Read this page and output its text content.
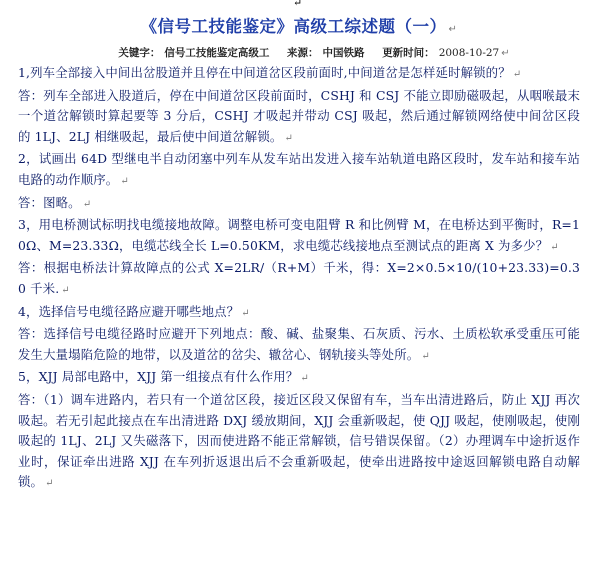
↵
《信号工技能鉴定》高级工综述题（一） ↵
关键字： 信号工技能鉴定高级工 来源： 中国铁路 更新时间： 2008-10-27 ↵

1,列车全部接入中间出岔股道并且停在中间道岔区段前面时,中间道岔是怎样延时解锁的？ ↵

答：列车全部进入股道后，停在中间道岔区段前面时，CSHJ 和 CSJ 不能立即励磁吸起，从咽喉最末一个道岔解锁时算起要等 3 分后，CSHJ 才吸起并带动 CSJ 吸起，然后通过解锁网络使中间岔区段的 1LJ、2LJ 相继吸起，最后使中间道岔解锁。 ↵

2，试画出 64D 型继电半自动闭塞中列车从发车站出发进入接车站轨道电路区段时，发车站和接车站电路的动作顺序。 ↵

答：图略。 ↵

3，用电桥测试标明找电缆接地故障。调整电桥可变电阻臂 R 和比例臂 M，在电桥达到平衡时，R=10Ω、M=23.33Ω，电缆芯线全长 L=0.50KM，求电缆芯线接地点至测试点的距离 X 为多少？ ↵

答：根据电桥法计算故障点的公式 X=2LR/（R+M）千米，得：X=2×0.5×10/(10+23.33)=0.30 千米. ↵

4，选择信号电缆径路应避开哪些地点？ ↵

答：选择信号电缆径路时应避开下列地点：酸、碱、盐聚集、石灰质、污水、土质松软承受重压可能发生大量塌陷危险的地带，以及道岔的岔尖、辙岔心、钢轨接头等处所。 ↵

5，XJJ 局部电路中，XJJ 第一组接点有什么作用？ ↵

答：（1）调车进路内，若只有一个道岔区段，接近区段又保留有车，当车出清进路后，防止 XJJ 再次吸起。若无引起此接点在车出清进路 DXJ 缓放期间，XJJ 会重新吸起，使 QJJ 吸起，使刚吸起，使刚吸起的 1LJ、2LJ 又失磁落下，因而使进路不能正常解锁，信号错误保留。（2）办理调车中途折返作业时，保证牵出进路 XJJ 在车列折返退出后不会重新吸起，使牵出进路按中途返回解锁电路自动解锁。 ↵
